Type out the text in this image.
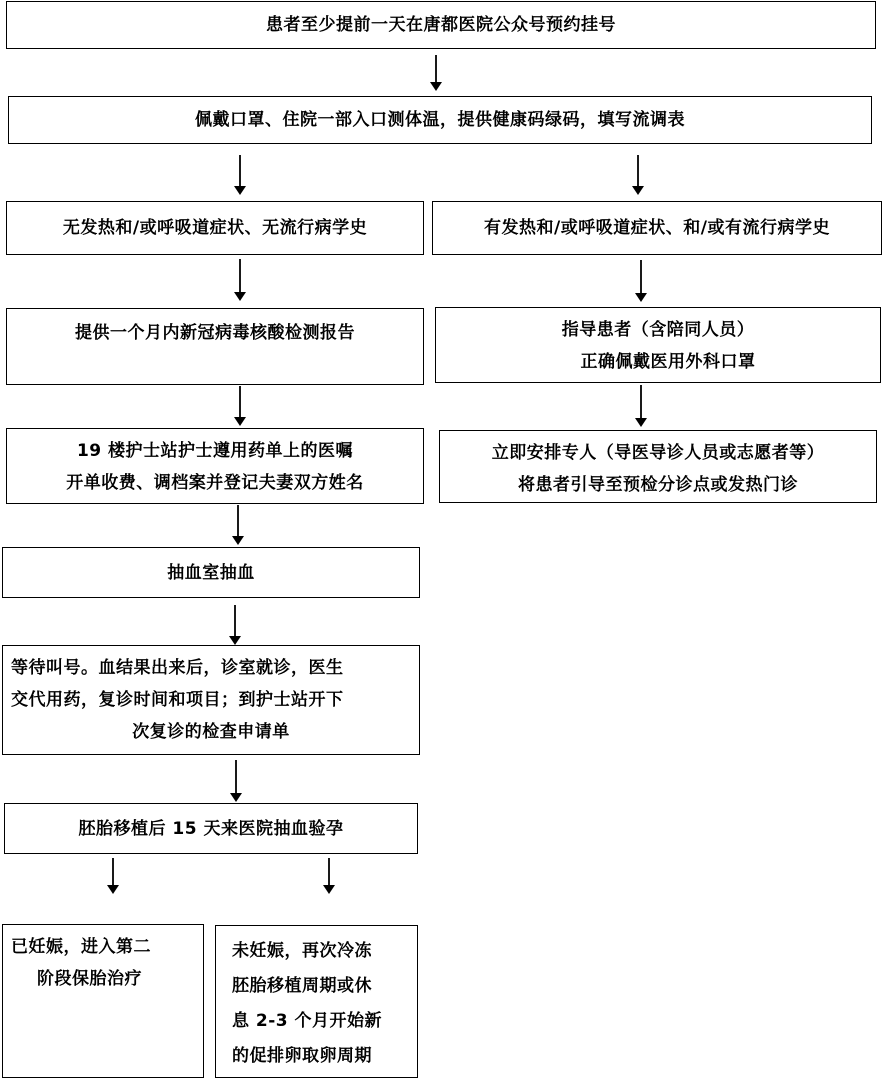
患者至少提前一天在唐都医院公众号预约挂号
佩戴口罩、住院一部入口测体温，提供健康码绿码，填写流调表
无发热和/或呼吸道症状、无流行病学史
提供一个月内新冠病毒核酸检测报告
19 楼护士站护士遵用药单上的医嘱
开单收费、调档案并登记夫妻双方姓名
抽血室抽血
等待叫号。血结果出来后，诊室就诊，医生
交代用药，复诊时间和项目；到护士站开下
次复诊的检查申请单
胚胎移植后 15 天来医院抽血验孕
已妊娠，进入第二
阶段保胎治疗
未妊娠，再次冷冻
胚胎移植周期或休
息 2-3 个月开始新
的促排卵取卵周期
有发热和/或呼吸道症状、和/或有流行病学史
指导患者（含陪同人员）
正确佩戴医用外科口罩
立即安排专人（导医导诊人员或志愿者等）
将患者引导至预检分诊点或发热门诊
